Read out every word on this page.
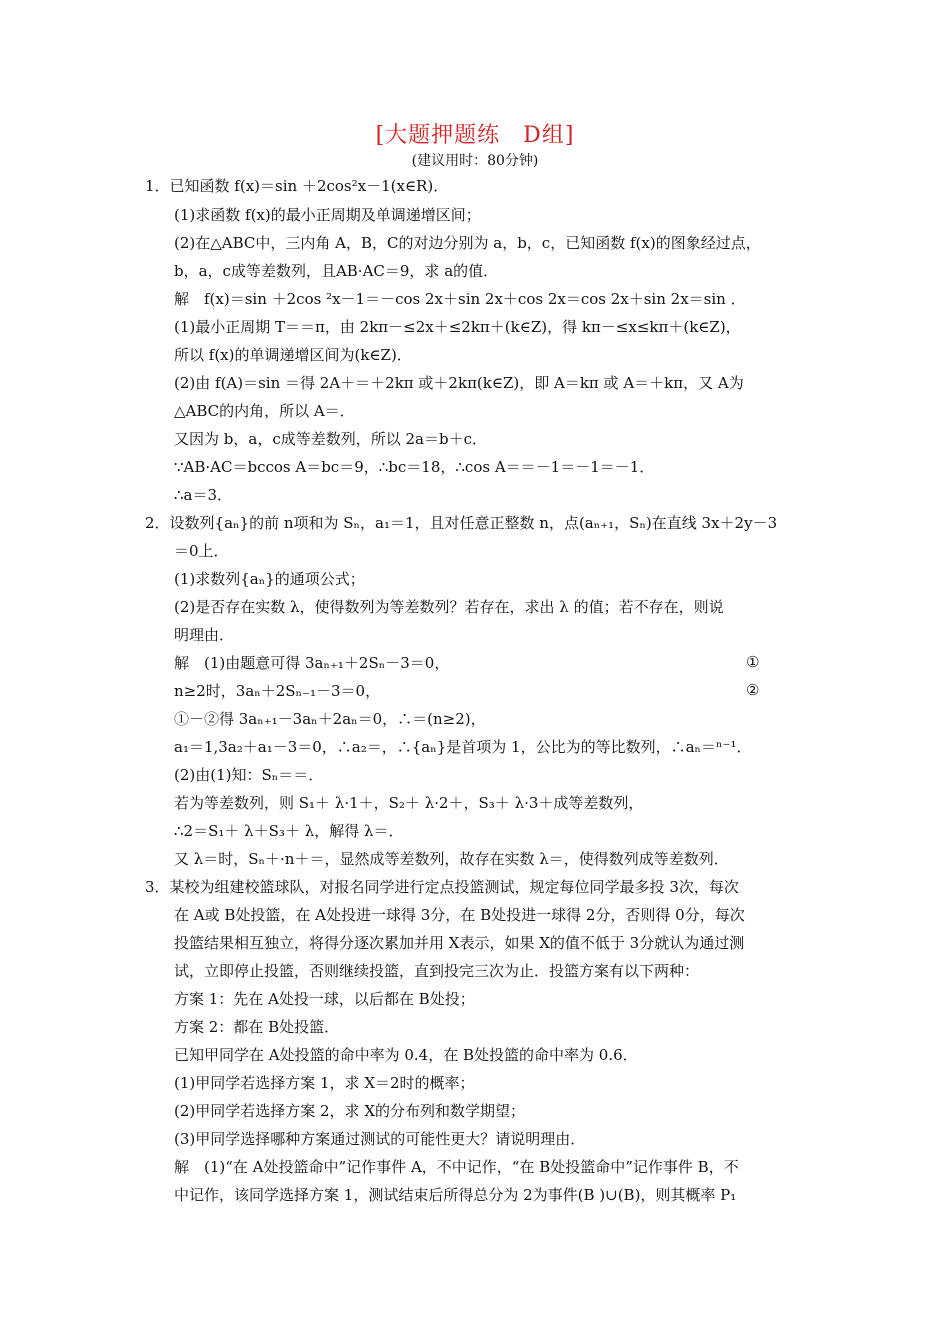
[大题押题练　D组]
(建议用时：80分钟)
1．已知函数 f(x)＝sin ＋2cos²x－1(x∈R)．
(1)求函数 f(x)的最小正周期及单调递增区间；
(2)在△ABC中，三内角 A，B，C的对边分别为 a，b，c，已知函数 f(x)的图象经过点，
b，a，c成等差数列，且AB·AC＝9，求 a的值．
解　f(x)＝sin ＋2cos ²x－1＝－cos 2x＋sin 2x＋cos 2x＝cos 2x＋sin 2x＝sin ．
(1)最小正周期 T＝＝π，由 2kπ－≤2x＋≤2kπ＋(k∈Z)，得 kπ－≤x≤kπ＋(k∈Z)，
所以 f(x)的单调递增区间为(k∈Z)．
(2)由 f(A)＝sin ＝得 2A＋＝＋2kπ 或＋2kπ(k∈Z)，即 A＝kπ 或 A＝＋kπ，又 A为
△ABC的内角，所以 A＝．
又因为 b，a，c成等差数列，所以 2a＝b＋c．
∵AB·AC＝bccos A＝bc＝9，∴bc＝18，∴cos A＝＝－1＝－1＝－1．
∴a＝3．
2．设数列{aₙ}的前 n项和为 Sₙ，a₁＝1，且对任意正整数 n，点(aₙ₊₁，Sₙ)在直线 3x＋2y－3
＝0上．
(1)求数列{aₙ}的通项公式；
(2)是否存在实数 λ，使得数列为等差数列？若存在，求出 λ 的值；若不存在，则说
明理由．
解　(1)由题意可得 3aₙ₊₁＋2Sₙ－3＝0，	①
n≥2时，3aₙ＋2Sₙ₋₁－3＝0，	②
①－②得 3aₙ₊₁－3aₙ＋2aₙ＝0，∴＝(n≥2)，
a₁＝1,3a₂＋a₁－3＝0，∴a₂＝，∴{aₙ}是首项为 1，公比为的等比数列，∴aₙ＝ⁿ⁻¹．
(2)由(1)知：Sₙ＝＝．
若为等差数列，则 S₁＋ λ·1＋，S₂＋ λ·2＋，S₃＋ λ·3＋成等差数列，
∴2＝S₁＋ λ＋S₃＋ λ，解得 λ＝．
又 λ＝时，Sₙ＋·n＋＝，显然成等差数列，故存在实数 λ＝，使得数列成等差数列．
3．某校为组建校篮球队，对报名同学进行定点投篮测试，规定每位同学最多投 3次，每次
在 A或 B处投篮，在 A处投进一球得 3分，在 B处投进一球得 2分，否则得 0分，每次
投篮结果相互独立，将得分逐次累加并用 X表示，如果 X的值不低于 3分就认为通过测
试，立即停止投篮，否则继续投篮，直到投完三次为止．投篮方案有以下两种：
方案 1：先在 A处投一球，以后都在 B处投；
方案 2：都在 B处投篮．
已知甲同学在 A处投篮的命中率为 0.4，在 B处投篮的命中率为 0.6．
(1)甲同学若选择方案 1，求 X＝2时的概率；
(2)甲同学若选择方案 2，求 X的分布列和数学期望；
(3)甲同学选择哪种方案通过测试的可能性更大？请说明理由．
解　(1)“在 A处投篮命中”记作事件 A，不中记作，“在 B处投篮命中”记作事件 B，不
中记作，该同学选择方案 1，测试结束后所得总分为 2为事件(B )∪(B)，则其概率 P₁
